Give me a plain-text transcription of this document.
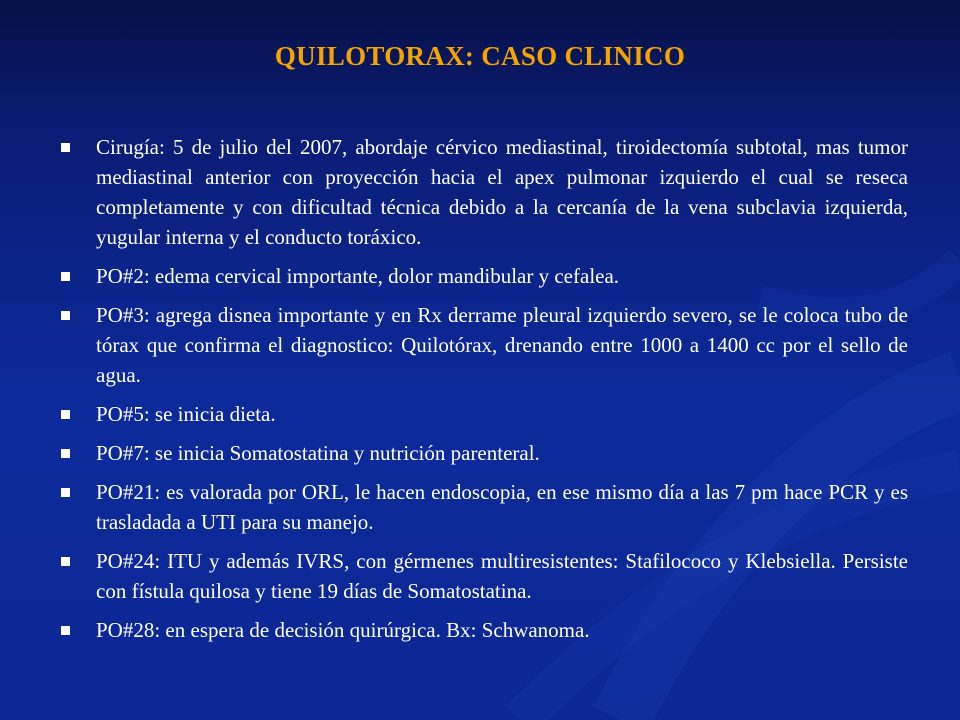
QUILOTORAX: CASO CLINICO
Cirugía: 5 de julio del 2007, abordaje cérvico mediastinal, tiroidectomía subtotal, mas tumor mediastinal anterior con proyección hacia el apex pulmonar izquierdo el cual se reseca completamente y con dificultad técnica debido a la cercanía de la vena subclavia izquierda, yugular interna y el conducto toráxico.
PO#2: edema cervical importante, dolor mandibular y cefalea.
PO#3: agrega disnea importante y en Rx derrame pleural izquierdo severo, se le coloca tubo de tórax que confirma el diagnostico: Quilotórax, drenando entre 1000 a 1400 cc por el sello de agua.
PO#5: se inicia dieta.
PO#7: se inicia Somatostatina y nutrición parenteral.
PO#21: es valorada por ORL, le hacen endoscopia, en ese mismo día a las 7 pm hace PCR y es trasladada a UTI para su manejo.
PO#24: ITU y además IVRS, con gérmenes multiresistentes: Stafilococo y Klebsiella. Persiste con fístula quilosa y tiene 19 días de Somatostatina.
PO#28: en espera de decisión quirúrgica. Bx: Schwanoma.
